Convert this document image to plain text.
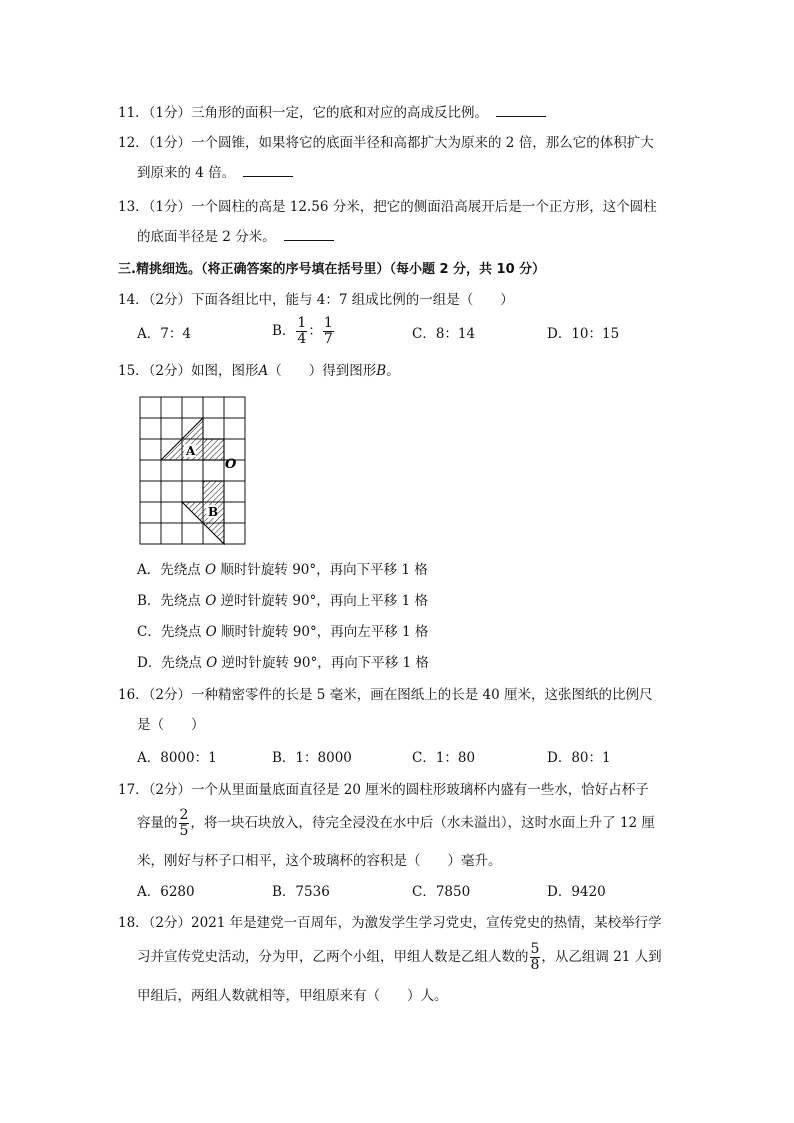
11．（1分）三角形的面积一定，它的底和对应的高成反比例。
12．（1分）一个圆锥，如果将它的底面半径和高都扩大为原来的 2 倍，那么它的体积扩大
到原来的 4 倍。
13．（1分）一个圆柱的高是 12.56 分米，把它的侧面沿高展开后是一个正方形，这个圆柱
的底面半径是 2 分米。
三.精挑细选。（将正确答案的序号填在括号里）（每小题 2 分，共 10 分）
14．（2分）下面各组比中，能与 4：7 组成比例的一组是（　　）
A．7：4	B． $\frac{1}{4}$ ： $\frac{1}{7}$	C．8：14	D．10：15
15．（2分）如图，图形A（　　）得到图形B。
A
B
O
A．先绕点 O 顺时针旋转 90°，再向下平移 1 格
B．先绕点 O 逆时针旋转 90°，再向上平移 1 格
C．先绕点 O 顺时针旋转 90°，再向左平移 1 格
D．先绕点 O 逆时针旋转 90°，再向下平移 1 格
16．（2分）一种精密零件的长是 5 毫米，画在图纸上的长是 40 厘米，这张图纸的比例尺
是（　　）
A．8000：1	B．1：8000	C．1：80	D．80：1
17．（2分）一个从里面量底面直径是 20 厘米的圆柱形玻璃杯内盛有一些水，恰好占杯子
容量的 $\frac{2}{5}$ ，将一块石块放入，待完全浸没在水中后（水未溢出），这时水面上升了 12 厘
米，刚好与杯子口相平，这个玻璃杯的容积是（　　）毫升。
A．6280	B．7536	C．7850	D．9420
18．（2分）2021 年是建党一百周年，为激发学生学习党史，宣传党史的热情，某校举行学
习并宣传党史活动，分为甲，乙两个小组，甲组人数是乙组人数的 $\frac{5}{8}$ ，从乙组调 21 人到
甲组后，两组人数就相等，甲组原来有（　　）人。
